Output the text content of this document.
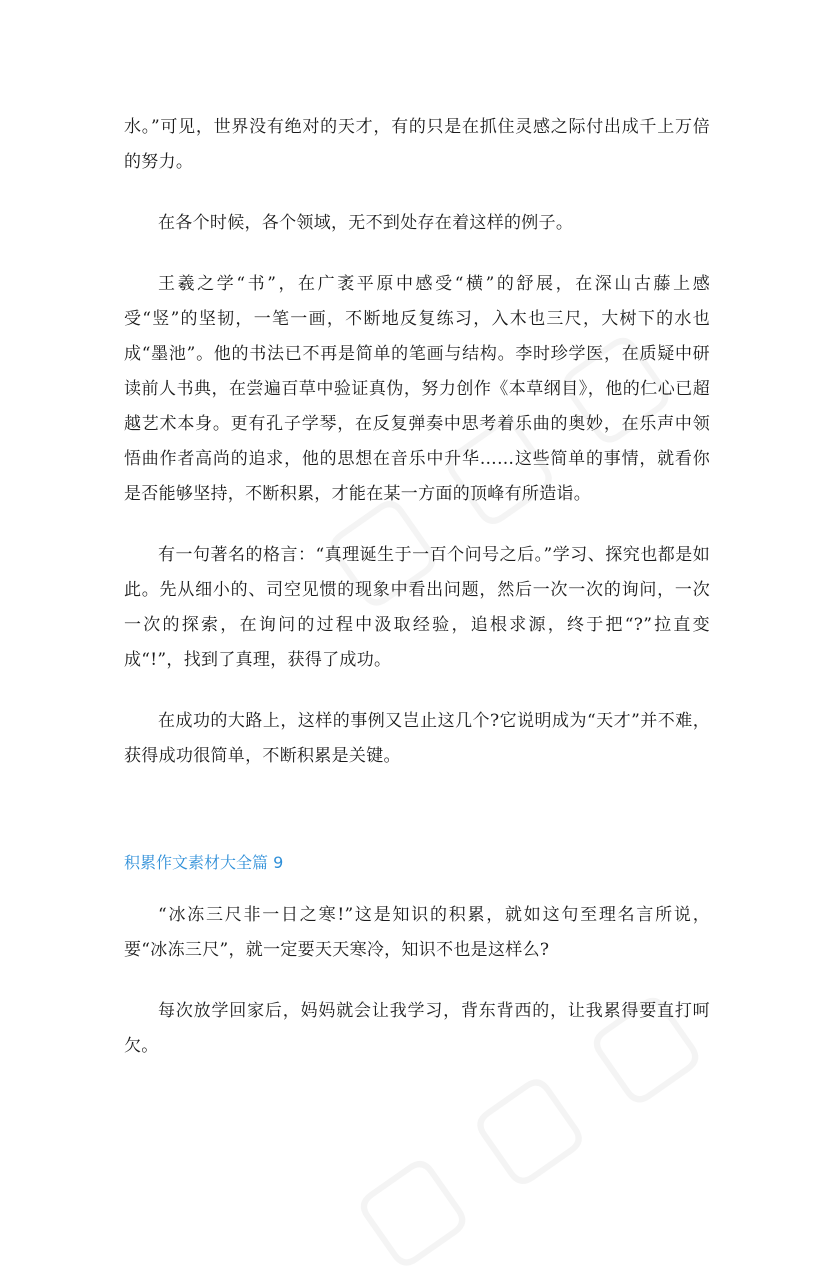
水。”可见，世界没有绝对的天才，有的只是在抓住灵感之际付出成千上万倍的努力。

在各个时候，各个领域，无不到处存在着这样的例子。

王羲之学“书”，在广袤平原中感受“横”的舒展，在深山古藤上感受“竖”的坚韧，一笔一画，不断地反复练习，入木也三尺，大树下的水也成“墨池”。他的书法已不再是简单的笔画与结构。李时珍学医，在质疑中研读前人书典，在尝遍百草中验证真伪，努力创作《本草纲目》，他的仁心已超越艺术本身。更有孔子学琴，在反复弹奏中思考着乐曲的奥妙，在乐声中领悟曲作者高尚的追求，他的思想在音乐中升华……这些简单的事情，就看你是否能够坚持，不断积累，才能在某一方面的顶峰有所造诣。

有一句著名的格言：“真理诞生于一百个问号之后。”学习、探究也都是如此。先从细小的、司空见惯的现象中看出问题，然后一次一次的询问，一次一次的探索，在询问的过程中汲取经验，追根求源，终于把“?”拉直变成“!”，找到了真理，获得了成功。

在成功的大路上，这样的事例又岂止这几个?它说明成为“天才”并不难，获得成功很简单，不断积累是关键。

积累作文素材大全篇 9

“冰冻三尺非一日之寒!”这是知识的积累，就如这句至理名言所说，要“冰冻三尺”，就一定要天天寒冷，知识不也是这样么?

每次放学回家后，妈妈就会让我学习，背东背西的，让我累得要直打呵欠。
